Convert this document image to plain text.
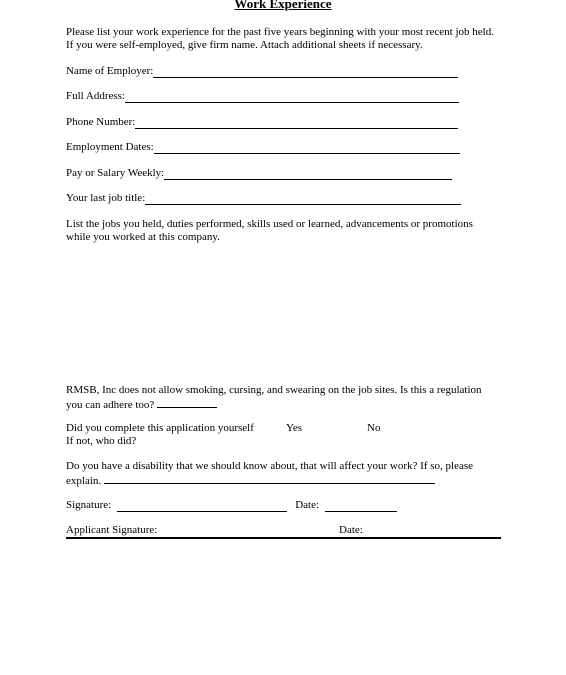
Work Experience
Please list your work experience for the past five years beginning with your most recent job held.
If you were self-employed, give firm name. Attach additional sheets if necessary.
Name of Employer:
Full Address:
Phone Number:
Employment Dates:
Pay or Salary Weekly:
Your last job title:
List the jobs you held, duties performed, skills used or learned, advancements or promotions
while you worked at this company.
RMSB, Inc does not allow smoking, cursing, and swearing on the job sites. Is this a regulation
you can adhere too?
Did you complete this application yourself	Yes	No
If not, who did?
Do you have a disability that we should know about, that will affect your work? If so, please
explain.
Signature:	Date:
Applicant Signature:	Date:
